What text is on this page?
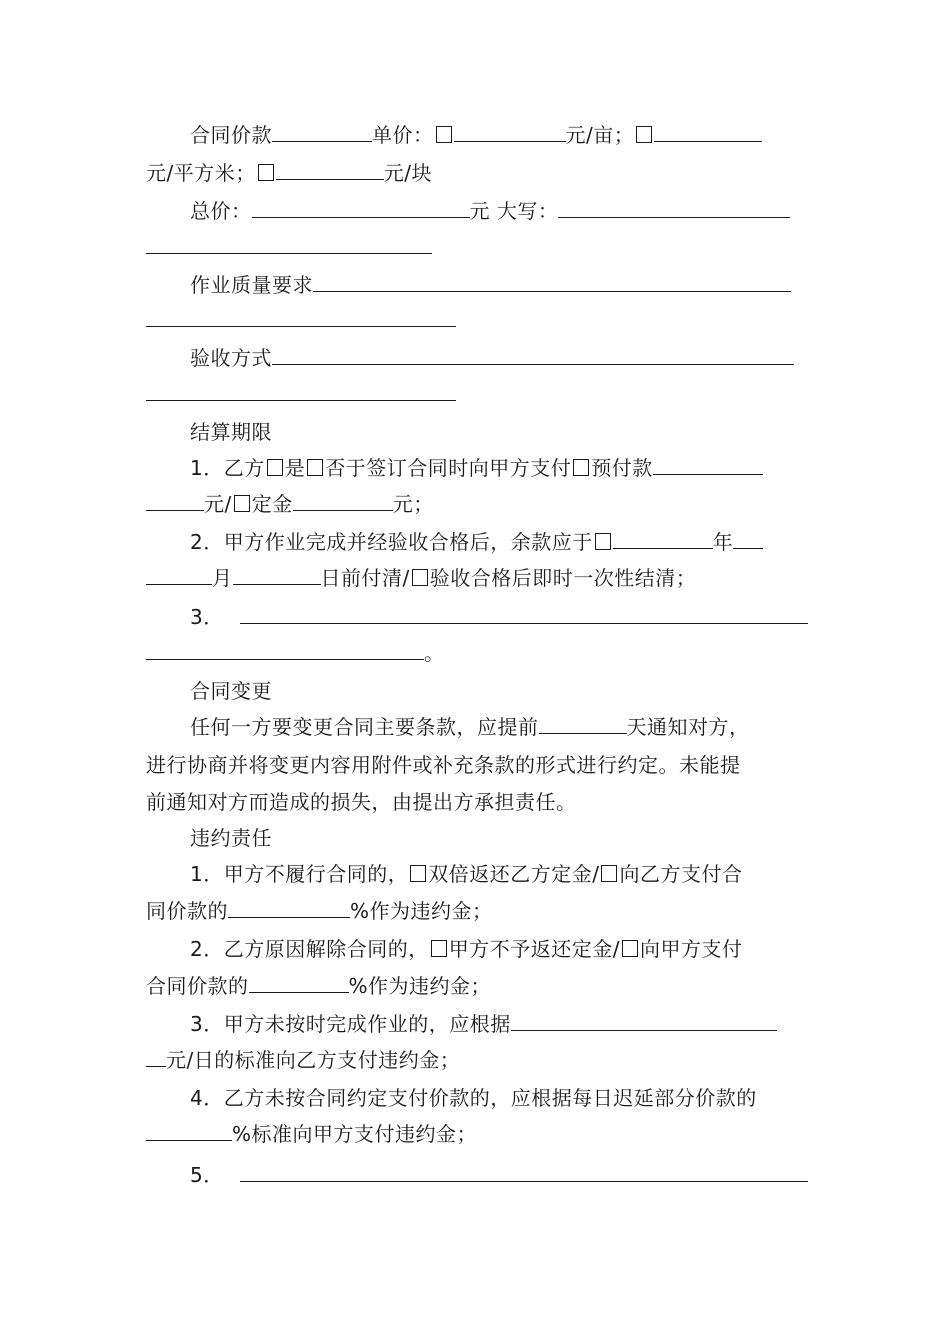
合同价款	单价：	元/亩；
元/平方米；	元/块
总价：	元 大写：
作业质量要求
验收方式
结算期限
1．乙方 是 否于签订合同时向甲方支付 预付款
元/ 定金	元；
2．甲方作业完成并经验收合格后，余款应于	年
月	日前付清/ 验收合格后即时一次性结清；
3．
。
合同变更
任何一方要变更合同主要条款，应提前	天通知对方，
进行协商并将变更内容用附件或补充条款的形式进行约定。未能提
前通知对方而造成的损失，由提出方承担责任。
违约责任
1．甲方不履行合同的， 双倍返还乙方定金/ 向乙方支付合
同价款的	%作为违约金；
2．乙方原因解除合同的， 甲方不予返还定金/ 向甲方支付
合同价款的	%作为违约金；
3．甲方未按时完成作业的，应根据
元/日的标准向乙方支付违约金；
4．乙方未按合同约定支付价款的，应根据每日迟延部分价款的
%标准向甲方支付违约金；
5．
